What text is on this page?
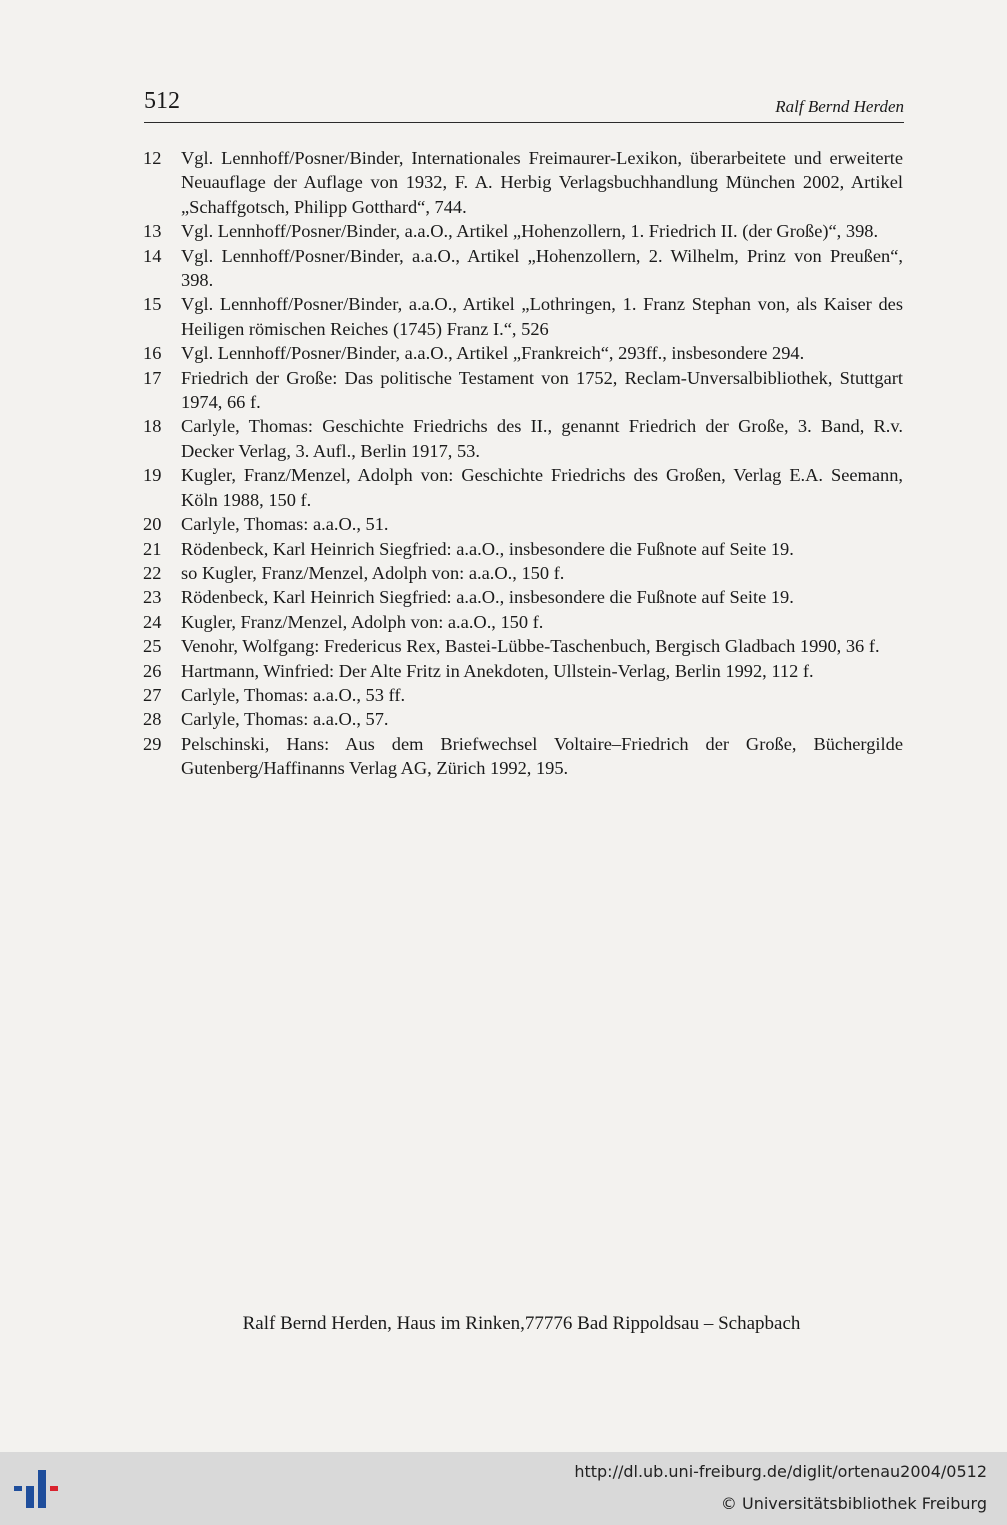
512	Ralf Bernd Herden
12	Vgl. Lennhoff/Posner/Binder, Internationales Freimaurer-Lexikon, überarbeitete und erweiterte Neuauflage der Auflage von 1932, F. A. Herbig Verlagsbuchhandlung München 2002, Artikel „Schaffgotsch, Philipp Gotthard“, 744.
13	Vgl. Lennhoff/Posner/Binder, a.a.O., Artikel „Hohenzollern, 1. Friedrich II. (der Große)“, 398.
14	Vgl. Lennhoff/Posner/Binder, a.a.O., Artikel „Hohenzollern, 2. Wilhelm, Prinz von Preußen“, 398.
15	Vgl. Lennhoff/Posner/Binder, a.a.O., Artikel „Lothringen, 1. Franz Stephan von, als Kaiser des Heiligen römischen Reiches (1745) Franz I.“, 526
16	Vgl. Lennhoff/Posner/Binder, a.a.O., Artikel „Frankreich“, 293ff., insbesondere 294.
17	Friedrich der Große: Das politische Testament von 1752, Reclam-Unversalbibliothek, Stuttgart 1974, 66 f.
18	Carlyle, Thomas: Geschichte Friedrichs des II., genannt Friedrich der Große, 3. Band, R.v. Decker Verlag, 3. Aufl., Berlin 1917, 53.
19	Kugler, Franz/Menzel, Adolph von: Geschichte Friedrichs des Großen, Verlag E.A. Seemann, Köln 1988, 150 f.
20	Carlyle, Thomas: a.a.O., 51.
21	Rödenbeck, Karl Heinrich Siegfried: a.a.O., insbesondere die Fußnote auf Seite 19.
22	so Kugler, Franz/Menzel, Adolph von: a.a.O., 150 f.
23	Rödenbeck, Karl Heinrich Siegfried: a.a.O., insbesondere die Fußnote auf Seite 19.
24	Kugler, Franz/Menzel, Adolph von: a.a.O., 150 f.
25	Venohr, Wolfgang: Fredericus Rex, Bastei-Lübbe-Taschenbuch, Bergisch Gladbach 1990, 36 f.
26	Hartmann, Winfried: Der Alte Fritz in Anekdoten, Ullstein-Verlag, Berlin 1992, 112 f.
27	Carlyle, Thomas: a.a.O., 53 ff.
28	Carlyle, Thomas: a.a.O., 57.
29	Pelschinski, Hans: Aus dem Briefwechsel Voltaire–Friedrich der Große, Büchergilde Gutenberg/Haffinanns Verlag AG, Zürich 1992, 195.
Ralf Bernd Herden, Haus im Rinken,77776 Bad Rippoldsau – Schapbach
http://dl.ub.uni-freiburg.de/diglit/ortenau2004/0512
© Universitätsbibliothek Freiburg
